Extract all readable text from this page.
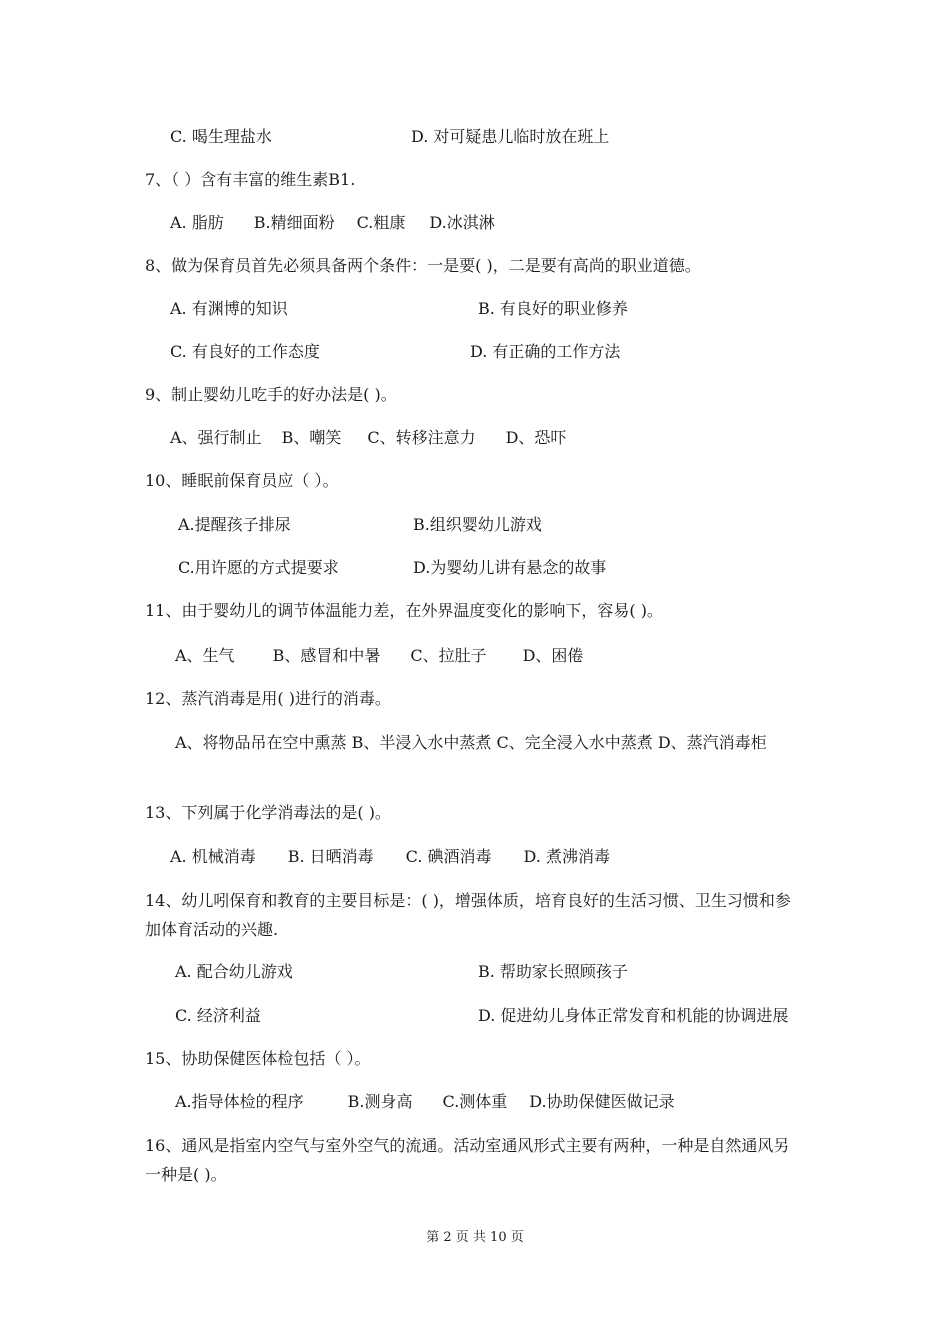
C. 喝生理盐水	D. 对可疑患儿临时放在班上
7、（ ）含有丰富的维生素B1.
A. 脂肪 B.精细面粉 C.粗康 D.冰淇淋
8、做为保育员首先必须具备两个条件：一是要( )，二是要有高尚的职业道德。
A. 有渊博的知识	B. 有良好的职业修养
C. 有良好的工作态度	D. 有正确的工作方法
9、制止婴幼儿吃手的好办法是( )。
A、强行制止 B、嘲笑 C、转移注意力 D、恐吓
10、睡眠前保育员应（ ）。
A.提醒孩子排尿	B.组织婴幼儿游戏
C.用许愿的方式提要求	D.为婴幼儿讲有悬念的故事
11、由于婴幼儿的调节体温能力差，在外界温度变化的影响下，容易( )。
A、生气 B、感冒和中暑 C、拉肚子 D、困倦
12、蒸汽消毒是用( )进行的消毒。
A、将物品吊在空中熏蒸 B、半浸入水中蒸煮 C、完全浸入水中蒸煮 D、蒸汽消毒柜
13、下列属于化学消毒法的是( )。
A. 机械消毒 B. 日晒消毒 C. 碘酒消毒 D. 煮沸消毒
14、幼儿吲保育和教育的主要目标是：( )，增强体质，培育良好的生活习惯、卫生习惯和参加体育活动的兴趣.
A. 配合幼儿游戏	B. 帮助家长照顾孩子
C. 经济利益	D. 促进幼儿身体正常发育和机能的协调进展
15、协助保健医体检包括（ ）。
A.指导体检的程序	B.测身高 C.测体重 D.协助保健医做记录
16、通风是指室内空气与室外空气的流通。活动室通风形式主要有两种，一种是自然通风另一种是( )。
第 2 页 共 10 页
